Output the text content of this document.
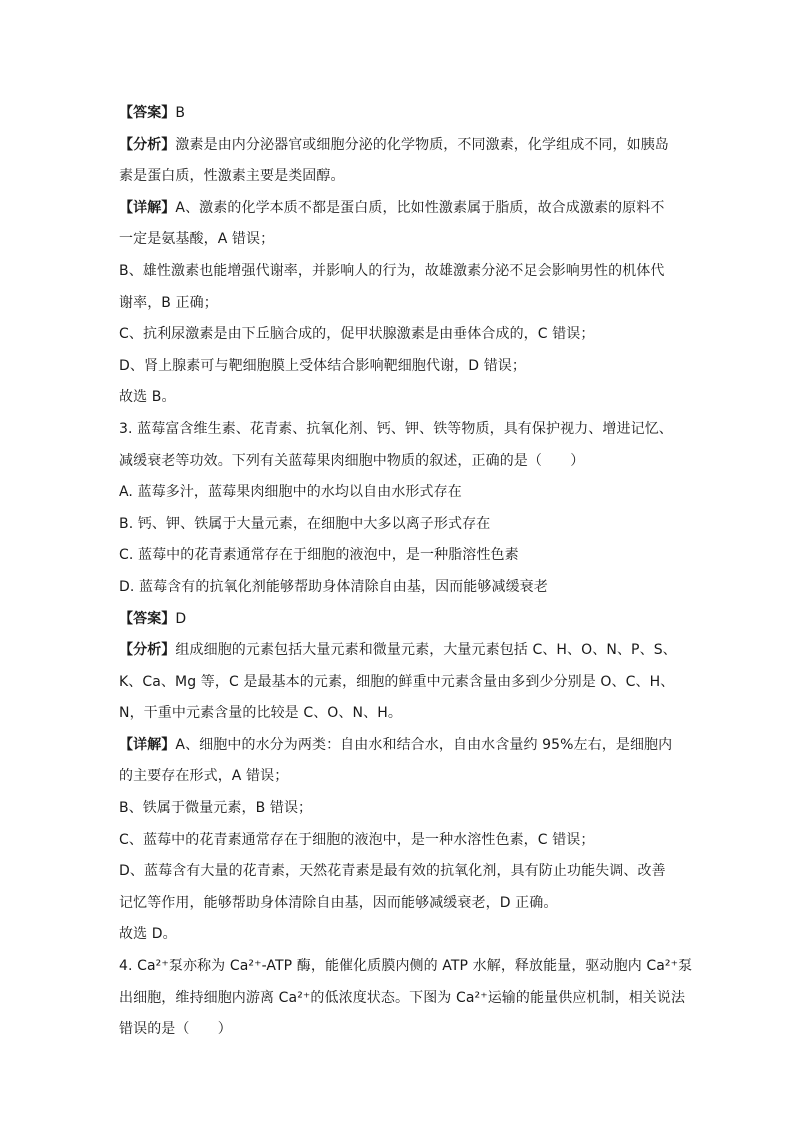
【答案】B
【分析】激素是由内分泌器官或细胞分泌的化学物质，不同激素，化学组成不同，如胰岛
素是蛋白质，性激素主要是类固醇。
【详解】A、激素的化学本质不都是蛋白质，比如性激素属于脂质，故合成激素的原料不
一定是氨基酸，A 错误；
B、雄性激素也能增强代谢率，并影响人的行为，故雄激素分泌不足会影响男性的机体代
谢率，B 正确；
C、抗利尿激素是由下丘脑合成的，促甲状腺激素是由垂体合成的，C 错误；
D、肾上腺素可与靶细胞膜上受体结合影响靶细胞代谢，D 错误；
故选 B。
3. 蓝莓富含维生素、花青素、抗氧化剂、钙、钾、铁等物质，具有保护视力、增进记忆、
减缓衰老等功效。下列有关蓝莓果肉细胞中物质的叙述，正确的是（　　）
A. 蓝莓多汁，蓝莓果肉细胞中的水均以自由水形式存在
B. 钙、钾、铁属于大量元素，在细胞中大多以离子形式存在
C. 蓝莓中的花青素通常存在于细胞的液泡中，是一种脂溶性色素
D. 蓝莓含有的抗氧化剂能够帮助身体清除自由基，因而能够减缓衰老
【答案】D
【分析】组成细胞的元素包括大量元素和微量元素，大量元素包括 C、H、O、N、P、S、
K、Ca、Mg 等，C 是最基本的元素，细胞的鲜重中元素含量由多到少分别是 O、C、H、
N，干重中元素含量的比较是 C、O、N、H。
【详解】A、细胞中的水分为两类：自由水和结合水，自由水含量约 95%左右，是细胞内
的主要存在形式，A 错误；
B、铁属于微量元素，B 错误；
C、蓝莓中的花青素通常存在于细胞的液泡中，是一种水溶性色素，C 错误；
D、蓝莓含有大量的花青素，天然花青素是最有效的抗氧化剂，具有防止功能失调、改善
记忆等作用，能够帮助身体清除自由基，因而能够减缓衰老，D 正确。
故选 D。
4. Ca²⁺泵亦称为 Ca²⁺-ATP 酶，能催化质膜内侧的 ATP 水解，释放能量，驱动胞内 Ca²⁺泵
出细胞，维持细胞内游离 Ca²⁺的低浓度状态。下图为 Ca²⁺运输的能量供应机制，相关说法
错误的是（　　）
